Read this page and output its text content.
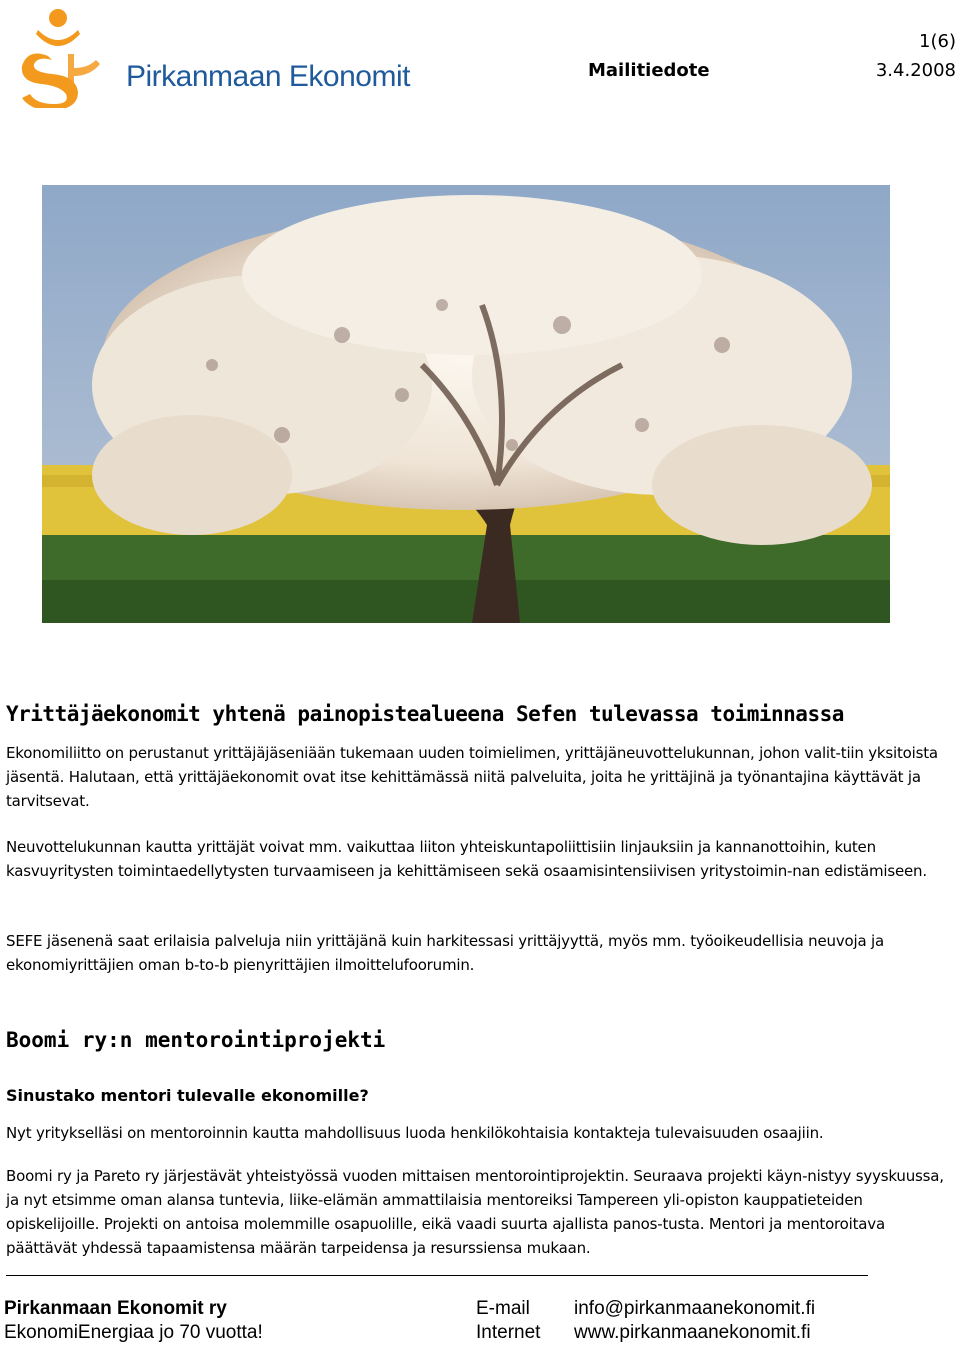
Pirkanmaan Ekonomit
1(6)
Mailitiedote	3.4.2008
Yrittäjäekonomit yhtenä painopistealueena Sefen tulevassa toiminnassa
Ekonomiliitto on perustanut yrittäjäjäseniään tukemaan uuden toimielimen, yrittäjäneuvottelukunnan, johon valit-tiin yksitoista jäsentä. Halutaan, että yrittäjäekonomit ovat itse kehittämässä niitä palveluita, joita he yrittäjinä ja työnantajina käyttävät ja tarvitsevat.
Neuvottelukunnan kautta yrittäjät voivat mm. vaikuttaa liiton yhteiskuntapoliittisiin linjauksiin ja kannanottoihin, kuten kasvuyritysten toimintaedellytysten turvaamiseen ja kehittämiseen sekä osaamisintensiivisen yritystoimin-nan edistämiseen.
SEFE jäsenenä saat erilaisia palveluja niin yrittäjänä kuin harkitessasi yrittäjyyttä, myös mm. työoikeudellisia neuvoja ja ekonomiyrittäjien oman b-to-b pienyrittäjien ilmoittelufoorumin.
Boomi ry:n mentorointiprojekti
Sinustako mentori tulevalle ekonomille?
Nyt yritykselläsi on mentoroinnin kautta mahdollisuus luoda henkilökohtaisia kontakteja tulevaisuuden osaajiin.
Boomi ry ja Pareto ry järjestävät yhteistyössä vuoden mittaisen mentorointiprojektin. Seuraava projekti käyn-nistyy syyskuussa, ja nyt etsimme oman alansa tuntevia, liike-elämän ammattilaisia mentoreiksi Tampereen yli-opiston kauppatieteiden opiskelijoille. Projekti on antoisa molemmille osapuolille, eikä vaadi suurta ajallista panos-tusta. Mentori ja mentoroitava päättävät yhdessä tapaamistensa määrän tarpeidensa ja resurssiensa mukaan.
Pirkanmaan Ekonomit ry
EkonomiEnergiaa jo 70 vuotta!
E-mail
Internet
info@pirkanmaanekonomit.fi
www.pirkanmaanekonomit.fi
